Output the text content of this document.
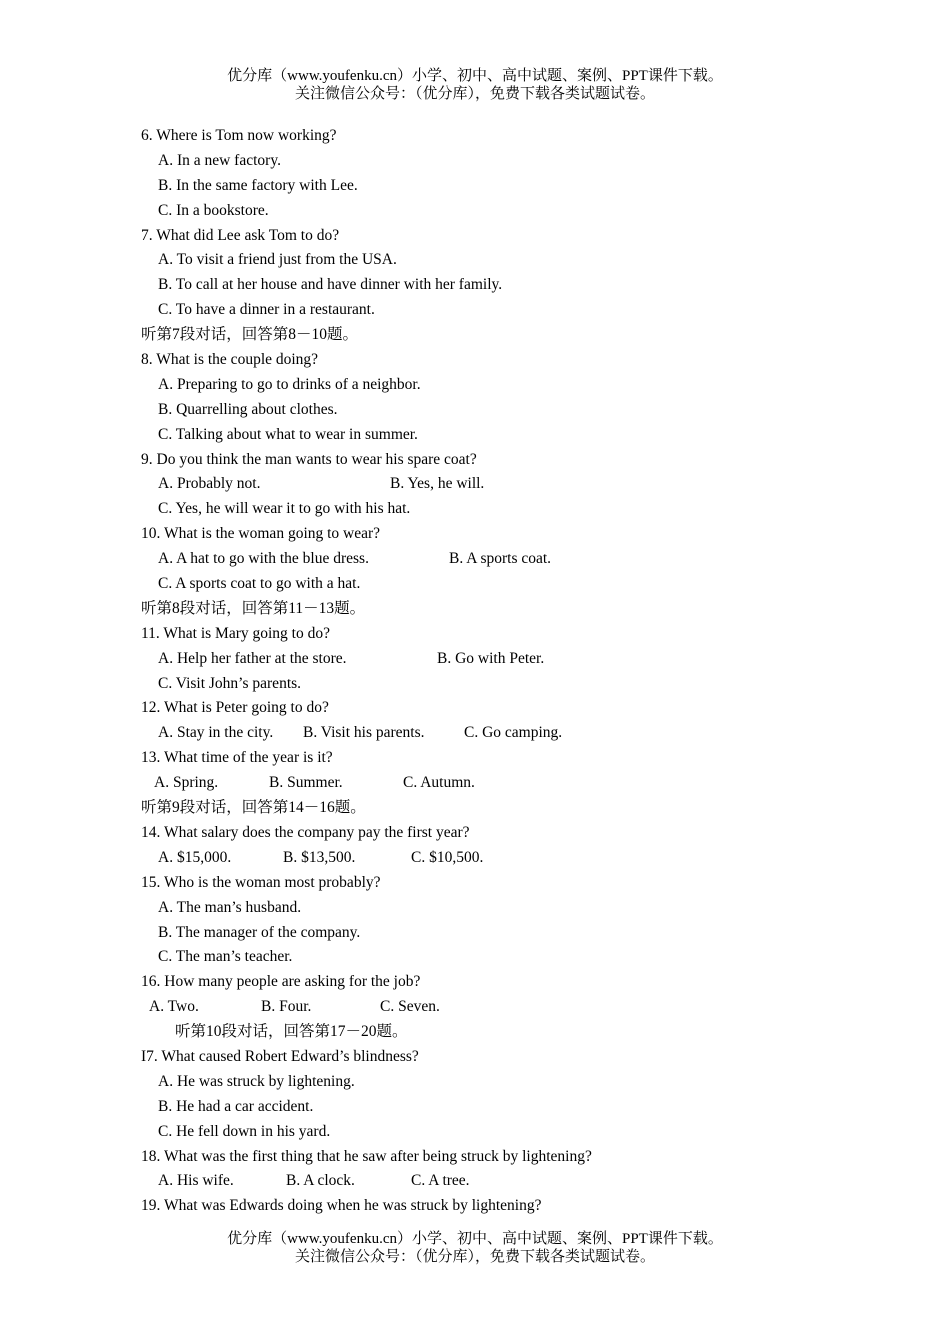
优分库（www.youfenku.cn）小学、初中、高中试题、案例、PPT课件下载。
关注微信公众号：（优分库），免费下载各类试题试卷。
6. Where is Tom now working?
A. In a new factory.
B. In the same factory with Lee.
C. In a bookstore.
7. What did Lee ask Tom to do?
A. To visit a friend just from the USA.
B. To call at her house and have dinner with her family.
C. To have a dinner in a restaurant.
听第7段对话，回答第8－10题。
8. What is the couple doing?
A. Preparing to go to drinks of a neighbor.
B. Quarrelling about clothes.
C. Talking about what to wear in summer.
9. Do you think the man wants to wear his spare coat?
A. Probably not.	B. Yes, he will.
C. Yes, he will wear it to go with his hat.
10. What is the woman going to wear?
A. A hat to go with the blue dress.	B. A sports coat.
C. A sports coat to go with a hat.
听第8段对话，回答第11－13题。
11. What is Mary going to do?
A. Help her father at the store.	B. Go with Peter.
C. Visit John’s parents.
12. What is Peter going to do?
A. Stay in the city. B. Visit his parents.	C. Go camping.
13. What time of the year is it?
A. Spring.	B. Summer.	C. Autumn.
听第9段对话，回答第14－16题。
14. What salary does the company pay the first year?
A. $15,000.	B. $13,500.	C. $10,500.
15. Who is the woman most probably?
A. The man’s husband.
B. The manager of the company.
C. The man’s teacher.
16. How many people are asking for the job?
A. Two.	B. Four.	C. Seven.
听第10段对话，回答第17－20题。
I7. What caused Robert Edward’s blindness?
A. He was struck by lightening.
B. He had a car accident.
C. He fell down in his yard.
18. What was the first thing that he saw after being struck by lightening?
A. His wife.	B. A clock.	C. A tree.
19. What was Edwards doing when he was struck by lightening?
优分库（www.youfenku.cn）小学、初中、高中试题、案例、PPT课件下载。
关注微信公众号：（优分库），免费下载各类试题试卷。
